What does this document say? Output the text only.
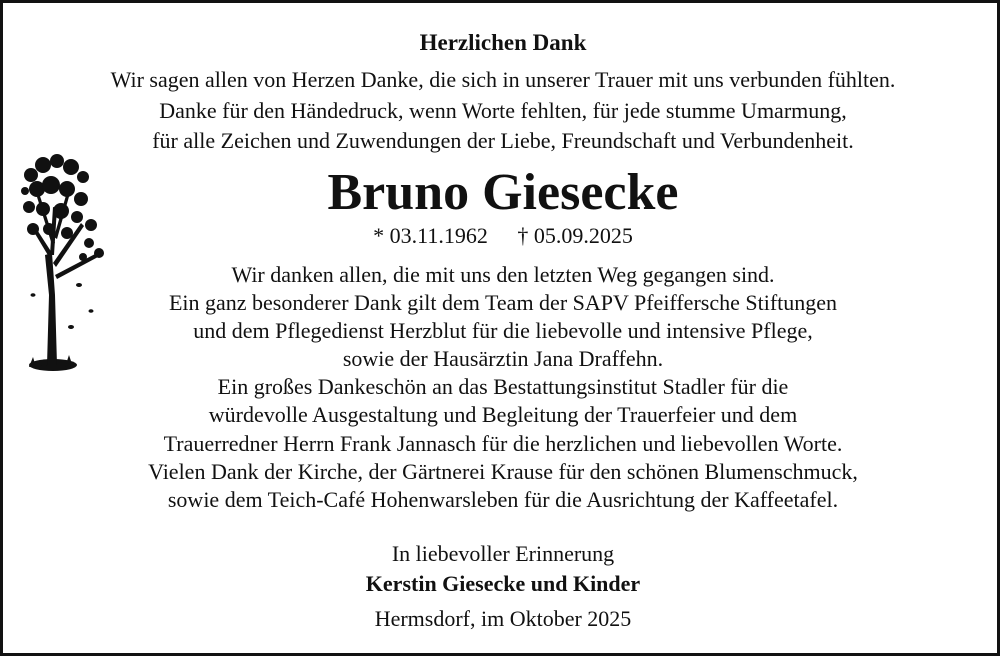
Herzlichen Dank
Wir sagen allen von Herzen Danke, die sich in unserer Trauer mit uns verbunden fühlten.
Danke für den Händedruck, wenn Worte fehlten, für jede stumme Umarmung,
für alle Zeichen und Zuwendungen der Liebe, Freundschaft und Verbundenheit.
Bruno Giesecke
* 03.11.1962 † 05.09.2025
Wir danken allen, die mit uns den letzten Weg gegangen sind.
Ein ganz besonderer Dank gilt dem Team der SAPV Pfeiffersche Stiftungen
und dem Pflegedienst Herzblut für die liebevolle und intensive Pflege,
sowie der Hausärztin Jana Draffehn.
Ein großes Dankeschön an das Bestattungsinstitut Stadler für die
würdevolle Ausgestaltung und Begleitung der Trauerfeier und dem
Trauerredner Herrn Frank Jannasch für die herzlichen und liebevollen Worte.
Vielen Dank der Kirche, der Gärtnerei Krause für den schönen Blumenschmuck,
sowie dem Teich-Café Hohenwarsleben für die Ausrichtung der Kaffeetafel.
In liebevoller Erinnerung
Kerstin Giesecke und Kinder
Hermsdorf, im Oktober 2025
